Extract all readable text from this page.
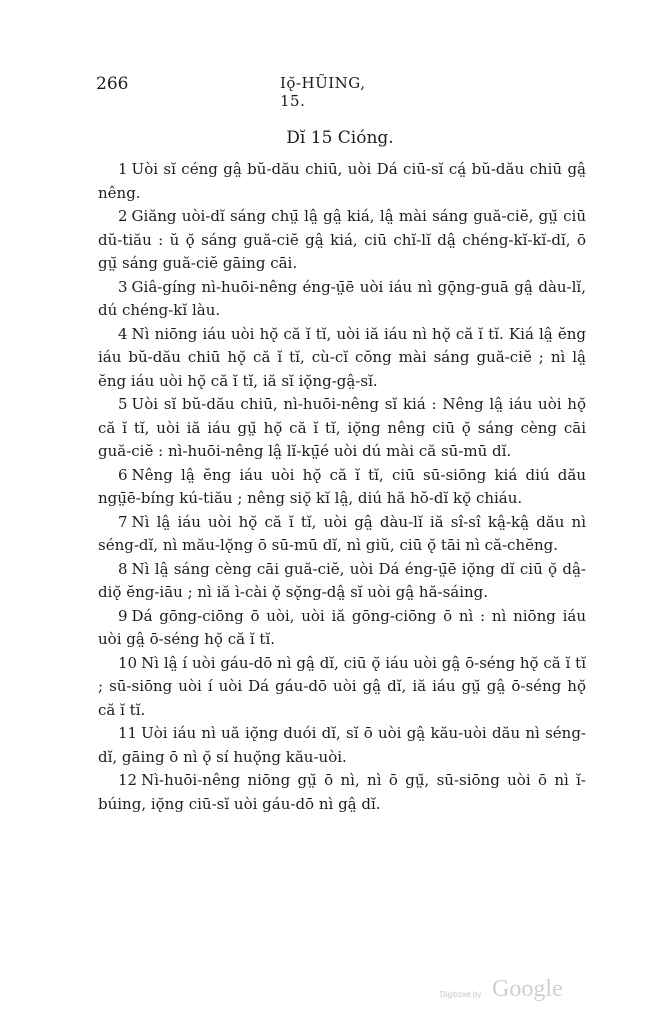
266	Iǫ̆-HŨING, 15.
Dĭ 15 Cióng.

1 Uòi sĭ céng gâ̤ bŭ-dău chiū, uòi Dá ciū-sĭ cá̤ bŭ-dău chiū gâ̤ nêng.

2 Giăng uòi-dĭ sáng chṳ̄ lâ̤ gâ̤ kiá, lâ̤ mài sáng guă-ciĕ, gṳ̆ ciū dŭ-tiău : ŭ ǫ̆ sáng guă-ciĕ gâ̤ kiá, ciū chĭ-lĭ dâ̤ chéng-kĭ-kĭ-dĭ, ō gṳ̆ sáng guă-ciĕ gāing cāi.

3 Giâ-gíng nì-huōi-nêng éng-ṳ̄ē uòi iáu nì gǭng-guā gâ̤ dàu-lĭ, dú chéng-kĭ làu.

4 Nì niōng iáu uòi hǫ̆ că ĭ tĭ, uòi iă iáu nì hǫ̆ că ĭ tĭ. Kiá lâ̤ ĕng iáu bŭ-dău chiū hǫ̆ că ĭ tĭ, cù-cĭ cŏng mài sáng guă-ciĕ ; nì lâ̤ ĕng iáu uòi hǫ̆ că ĭ tĭ, iă sĭ iǫ̆ng-gâ̤-sĭ.

5 Uòi sĭ bŭ-dău chiū, nì-huōi-nêng sĭ kiá : Nêng lâ̤ iáu uòi hǫ̆ că ĭ tĭ, uòi iă iáu gṳ̆ hǫ̆ că ĭ tĭ, iǫ̆ng nêng ciū ǫ̆ sáng cèng cāi guă-ciĕ : nì-huōi-nêng lâ̤ lĭ-kṳ̄é uòi dú mài că sū-mū dĭ.

6 Nêng lâ̤ ĕng iáu uòi hǫ̆ că ĭ tĭ, ciū sū-siōng kiá diú dău ngṳ̄ē-bíng kú-tiău ; nêng siǫ̆ kĭ lâ̤, diú hă hŏ-dĭ kǫ̆ chiáu.

7 Nì lâ̤ iáu uòi hǫ̆ că ĭ tĭ, uòi gâ̤ dàu-lĭ iă sî-sî kâ̤-kâ̤ dău nì séng-dĭ, nì mău-lǫ̆ng ō sū-mū dĭ, nì giŭ, ciū ǫ̆ tāi nì că-chĕng.

8 Nì lâ̤ sáng cèng cāi guă-ciĕ, uòi Dá éng-ṳ̄ē iǫ̆ng dĭ ciū ǫ̆ dâ̤-diǫ̆ ĕng-iāu ; nì iă ì-cài ǫ̆ sǫ̆ng-dâ̤ sĭ uòi gâ̤ hă-sáing.

9 Dá gōng-ciōng ō uòi, uòi iă gōng-ciōng ō nì : nì niōng iáu uòi gâ̤ ō-séng hǫ̆ că ĭ tĭ.

10 Nì lâ̤ í uòi gáu-dō nì gâ̤ dĭ, ciū ǫ̆ iáu uòi gâ̤ ō-séng hǫ̆ că ĭ tĭ ; sū-siōng uòi í uòi Dá gáu-dō uòi gâ̤ dĭ, iă iáu gṳ̆ gâ̤ ō-séng hǫ̆ că ĭ tĭ.

11 Uòi iáu nì uă iǫ̆ng duói dĭ, sĭ ō uòi gâ̤ kău-uòi dău nì séng-dĭ, gāing ō nì ǫ̆ sí huǫ̆ng kău-uòi.

12 Nì-huōi-nêng niōng gṳ̆ ō nì, nì ō gṳ̆, sū-siōng uòi ō nì ĭ-búing, iǫ̆ng ciū-sĭ uòi gáu-dō nì gâ̤ dĭ.

Digitized by Google
